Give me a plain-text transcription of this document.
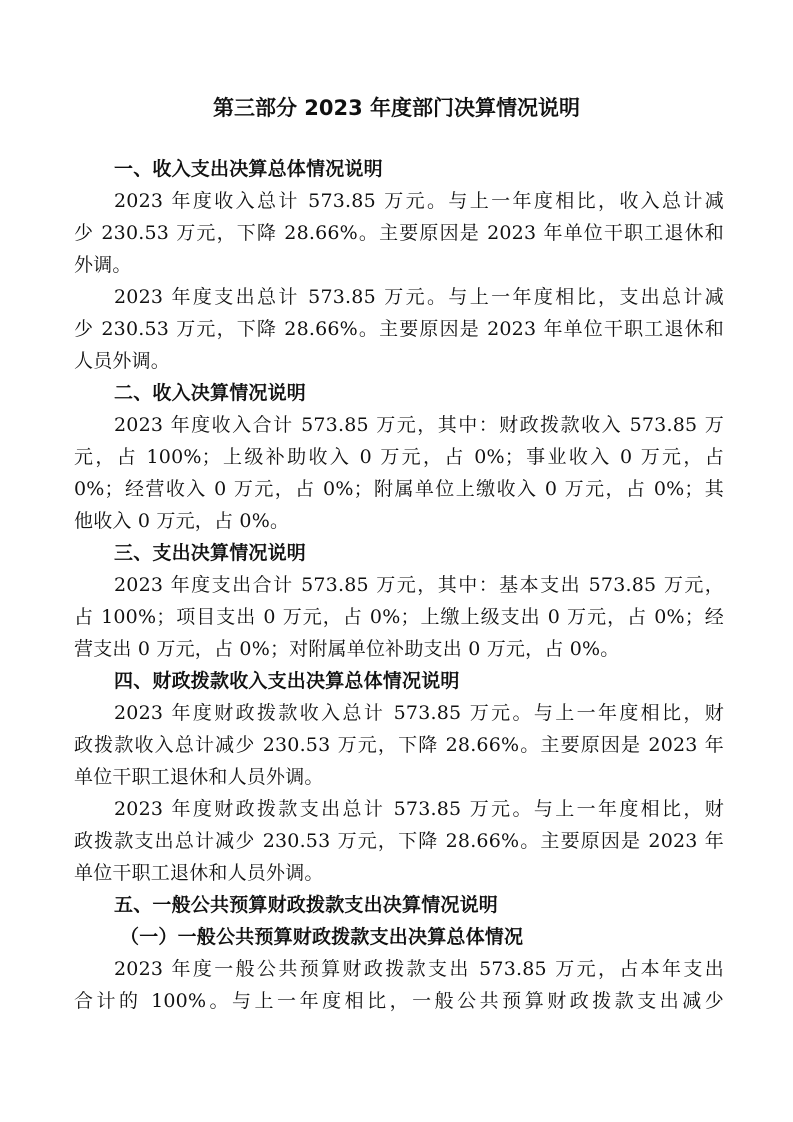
第三部分 2023 年度部门决算情况说明

一、收入支出决算总体情况说明

2023 年度收入总计 573.85 万元。与上一年度相比，收入总计减

少 230.53 万元，下降 28.66%。主要原因是 2023 年单位干职工退休和

外调。

2023 年度支出总计 573.85 万元。与上一年度相比，支出总计减

少 230.53 万元，下降 28.66%。主要原因是 2023 年单位干职工退休和

人员外调。

二、收入决算情况说明

2023 年度收入合计 573.85 万元，其中：财政拨款收入 573.85 万

元，占 100%；上级补助收入 0 万元，占 0%；事业收入 0 万元，占

0%；经营收入 0 万元，占 0%；附属单位上缴收入 0 万元，占 0%；其

他收入 0 万元，占 0%。

三、支出决算情况说明

2023 年度支出合计 573.85 万元，其中：基本支出 573.85 万元，

占 100%；项目支出 0 万元，占 0%；上缴上级支出 0 万元，占 0%；经

营支出 0 万元，占 0%；对附属单位补助支出 0 万元，占 0%。

四、财政拨款收入支出决算总体情况说明

2023 年度财政拨款收入总计 573.85 万元。与上一年度相比，财

政拨款收入总计减少 230.53 万元，下降 28.66%。主要原因是 2023 年

单位干职工退休和人员外调。

2023 年度财政拨款支出总计 573.85 万元。与上一年度相比，财

政拨款支出总计减少 230.53 万元，下降 28.66%。主要原因是 2023 年

单位干职工退休和人员外调。

五、一般公共预算财政拨款支出决算情况说明

（一）一般公共预算财政拨款支出决算总体情况

2023 年度一般公共预算财政拨款支出 573.85 万元，占本年支出

合计的 100%。与上一年度相比，一般公共预算财政拨款支出减少
